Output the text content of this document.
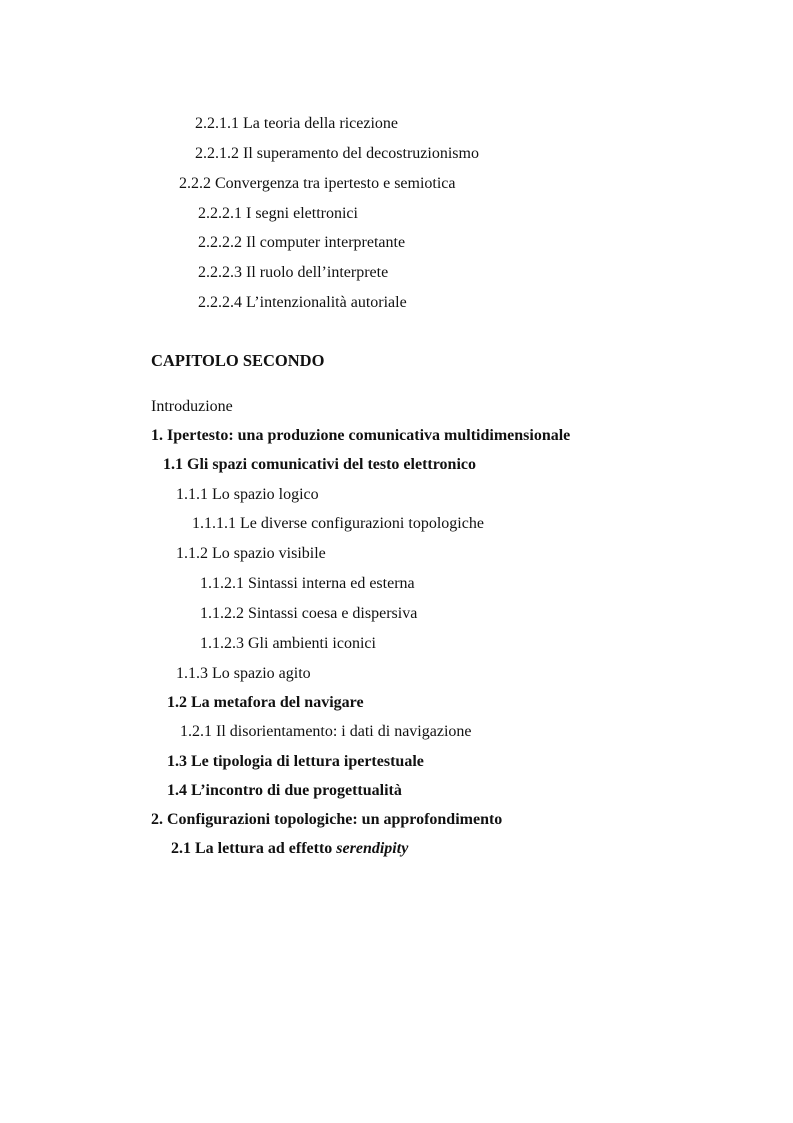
2.2.1.1 La teoria della ricezione
2.2.1.2 Il superamento del decostruzionismo
2.2.2 Convergenza tra ipertesto e semiotica
2.2.2.1 I segni elettronici
2.2.2.2 Il computer interpretante
2.2.2.3 Il ruolo dell’interprete
2.2.2.4 L’intenzionalità autoriale
CAPITOLO SECONDO
Introduzione
1. Ipertesto: una produzione comunicativa multidimensionale
1.1 Gli spazi comunicativi del testo elettronico
1.1.1 Lo spazio logico
1.1.1.1 Le diverse configurazioni topologiche
1.1.2 Lo spazio visibile
1.1.2.1 Sintassi interna ed esterna
1.1.2.2 Sintassi coesa e dispersiva
1.1.2.3 Gli ambienti iconici
1.1.3 Lo spazio agito
1.2 La metafora del navigare
1.2.1 Il disorientamento: i dati di navigazione
1.3 Le tipologia di lettura ipertestuale
1.4 L’incontro di due progettualità
2. Configurazioni topologiche: un approfondimento
2.1 La lettura ad effetto serendipity
